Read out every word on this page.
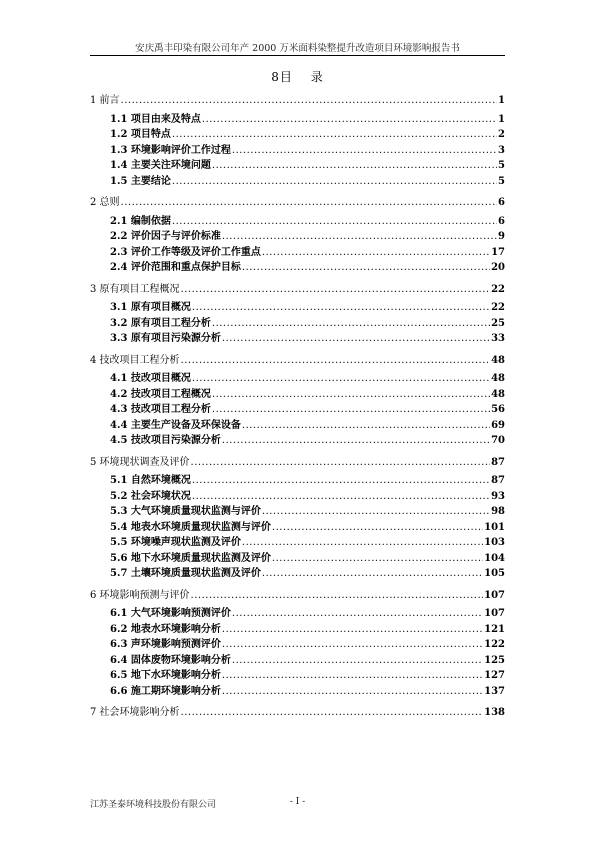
安庆禹丰印染有限公司年产 2000 万米面料染整提升改造项目环境影响报告书
8目　 录
1 前言 .....	1
1.1 项目由来及特点 .....	1
1.2 项目特点 .....	2
1.3 环境影响评价工作过程 .....	3
1.4 主要关注环境问题 .....	5
1.5 主要结论 .....	5
2 总则 .....	6
2.1 编制依据 .....	6
2.2 评价因子与评价标准 .....	9
2.3 评价工作等级及评价工作重点 .....	17
2.4 评价范围和重点保护目标 .....	20
3 原有项目工程概况 .....	22
3.1 原有项目概况 .....	22
3.2 原有项目工程分析 .....	25
3.3 原有项目污染源分析 .....	33
4 技改项目工程分析 .....	48
4.1 技改项目概况 .....	48
4.2 技改项目工程概况 .....	48
4.3 技改项目工程分析 .....	56
4.4 主要生产设备及环保设备 .....	69
4.5 技改项目污染源分析 .....	70
5 环境现状调查及评价 .....	87
5.1 自然环境概况 .....	87
5.2 社会环境状况 .....	93
5.3 大气环境质量现状监测与评价 .....	98
5.4 地表水环境质量现状监测与评价 .....	101
5.5 环境噪声现状监测及评价 .....	103
5.6 地下水环境质量现状监测及评价 .....	104
5.7 土壤环境质量现状监测及评价 .....	105
6 环境影响预测与评价 .....	107
6.1 大气环境影响预测评价 .....	107
6.2 地表水环境影响分析 .....	121
6.3 声环境影响预测评价 .....	122
6.4 固体废物环境影响分析 .....	125
6.5 地下水环境影响分析 .....	127
6.6 施工期环境影响分析 .....	137
7 社会环境影响分析 .....	138
江苏圣泰环境科技股份有限公司	- I -
